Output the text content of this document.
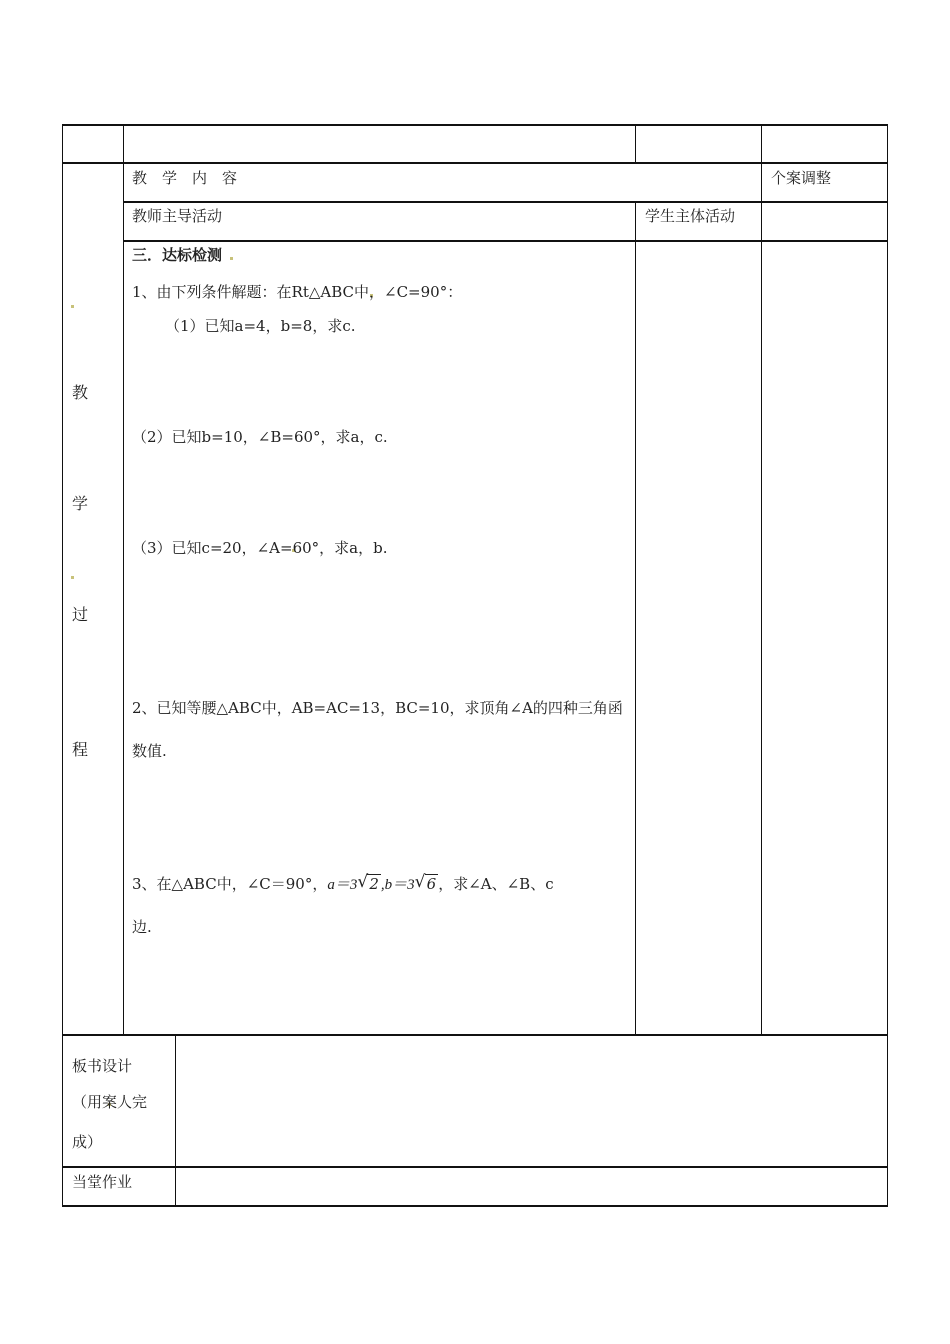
教　学　内　容	个案调整
教师主导活动	学生主体活动
教
学
过
程
三．达标检测
1、由下列条件解题：在Rt△ABC中，∠C=90°：
（1）已知a=4，b=8，求c.
（2）已知b=10，∠B=60°，求a，c.
（3）已知c=20，∠A=60°，求a，b.
2、已知等腰△ABC中，AB=AC=13，BC=10，求顶角∠A的四种三角函
数值.
3、在△ABC中，∠C＝90°，a＝3 √ 2 ,b＝3 √ 6 ，求∠A、∠B、c
边.
板书设计
（用案人完
成）
当堂作业
